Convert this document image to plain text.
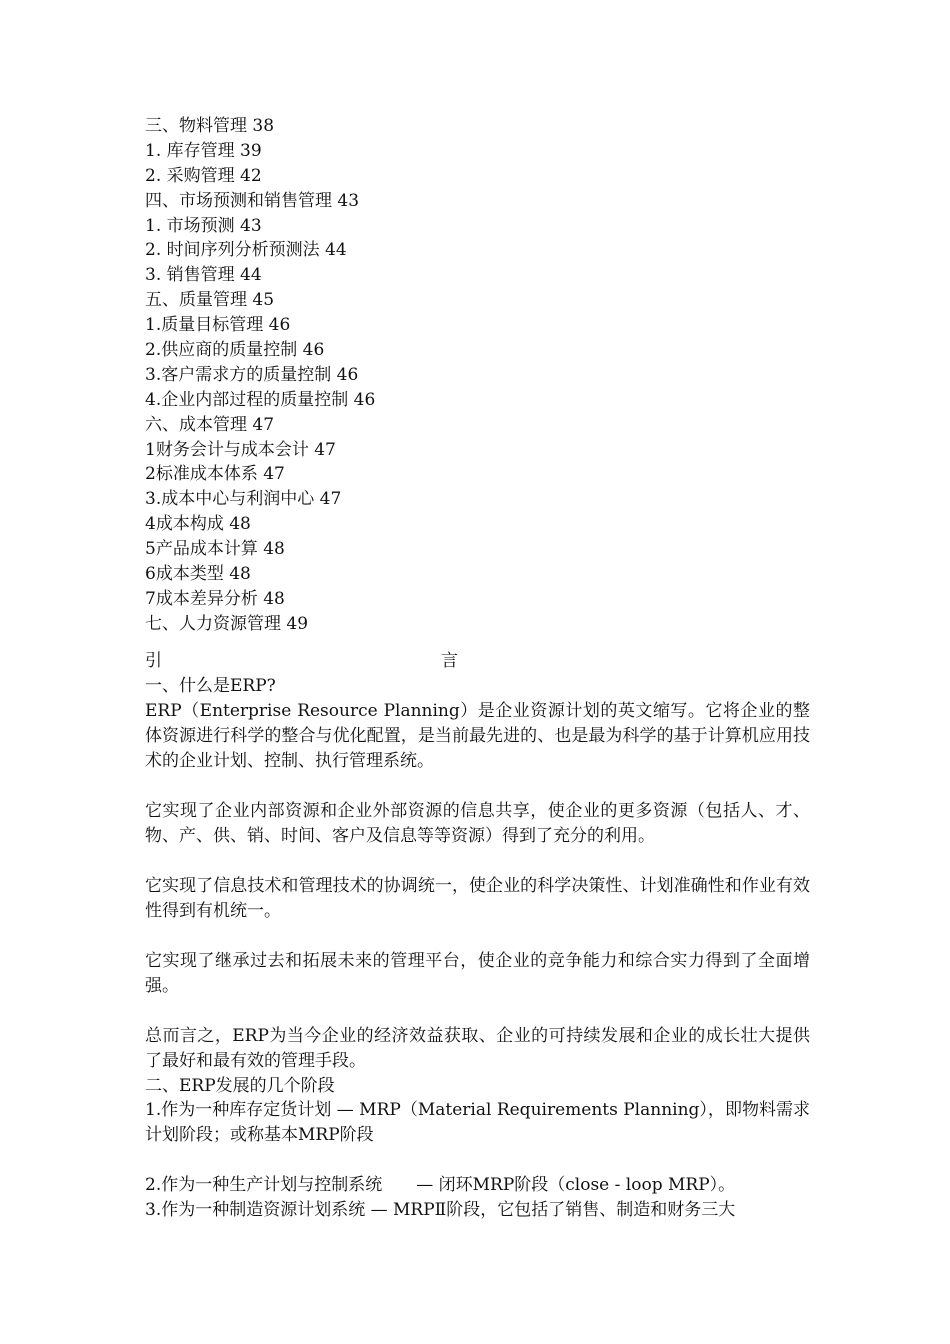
三、物料管理 38
1. 库存管理 39
2. 采购管理 42
四、市场预测和销售管理 43
1. 市场预测 43
2. 时间序列分析预测法 44
3. 销售管理 44
五、质量管理 45
1.质量目标管理 46
2.供应商的质量控制 46
3.客户需求方的质量控制 46
4.企业内部过程的质量控制 46
六、成本管理 47
1财务会计与成本会计 47
2标准成本体系 47
3.成本中心与利润中心 47
4成本构成 48
5产品成本计算 48
6成本类型 48
7成本差异分析 48
七、人力资源管理 49
引	言
一、什么是ERP?
ERP（Enterprise Resource Planning）是企业资源计划的英文缩写。它将企业的整体资源进行科学的整合与优化配置，是当前最先进的、也是最为科学的基于计算机应用技术的企业计划、控制、执行管理系统。
它实现了企业内部资源和企业外部资源的信息共享，使企业的更多资源（包括人、才、物、产、供、销、时间、客户及信息等等资源）得到了充分的利用。
它实现了信息技术和管理技术的协调统一，使企业的科学决策性、计划准确性和作业有效性得到有机统一。
它实现了继承过去和拓展未来的管理平台，使企业的竞争能力和综合实力得到了全面增强。
总而言之，ERP为当今企业的经济效益获取、企业的可持续发展和企业的成长壮大提供了最好和最有效的管理手段。
二、ERP发展的几个阶段
1.作为一种库存定货计划 — MRP（Material Requirements Planning），即物料需求计划阶段；或称基本MRP阶段
2.作为一种生产计划与控制系统　　— 闭环MRP阶段（close - loop MRP）。
3.作为一种制造资源计划系统 — MRPⅡ阶段，它包括了销售、制造和财务三大
